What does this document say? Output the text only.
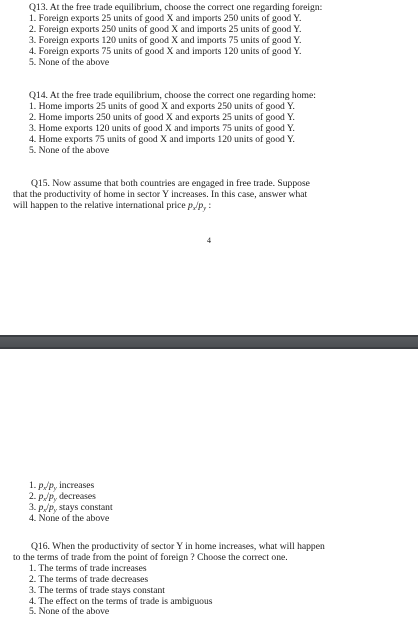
Q13. At the free trade equilibrium, choose the correct one regarding foreign:
1. Foreign exports 25 units of good X and imports 250 units of good Y.
2. Foreign exports 250 units of good X and imports 25 units of good Y.
3. Foreign exports 120 units of good X and imports 75 units of good Y.
4. Foreign exports 75 units of good X and imports 120 units of good Y.
5. None of the above
Q14. At the free trade equilibrium, choose the correct one regarding home:
1. Home imports 25 units of good X and exports 250 units of good Y.
2. Home imports 250 units of good X and exports 25 units of good Y.
3. Home exports 120 units of good X and imports 75 units of good Y.
4. Home exports 75 units of good X and imports 120 units of good Y.
5. None of the above
Q15. Now assume that both countries are engaged in free trade. Suppose
that the productivity of home in sector Y increases. In this case, answer what
will happen to the relative international price $p_x/p_y$ :
4
1. $p_x/p_y$ increases
2. $p_x/p_y$ decreases
3. $p_x/p_y$ stays constant
4. None of the above
Q16. When the productivity of sector Y in home increases, what will happen
to the terms of trade from the point of foreign ? Choose the correct one.
1. The terms of trade increases
2. The terms of trade decreases
3. The terms of trade stays constant
4. The effect on the terms of trade is ambiguous
5. None of the above
